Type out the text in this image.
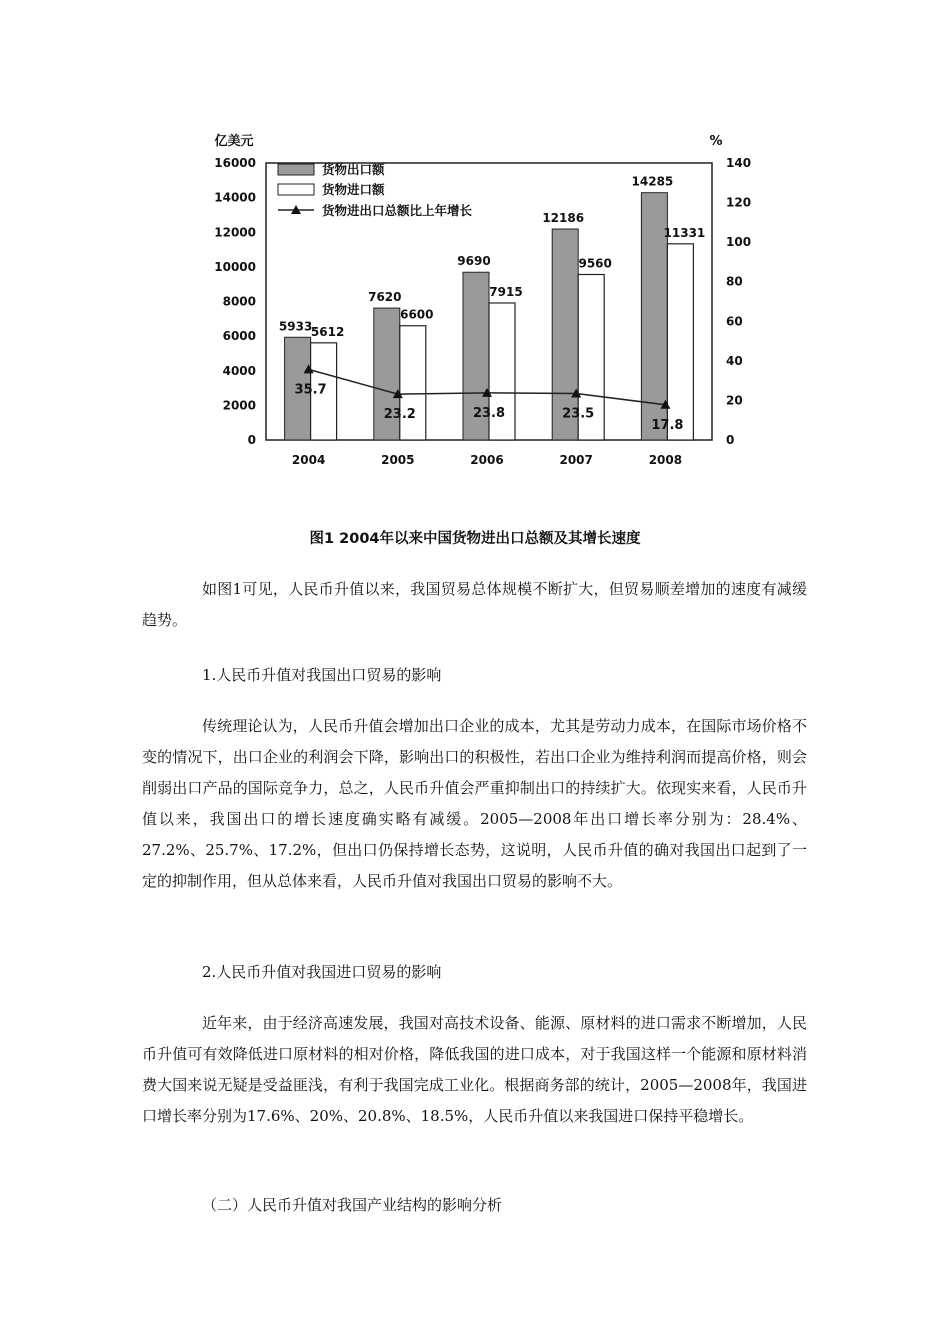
0
2000
4000
6000
8000
10000
12000
14000
16000
0
20
40
60
80
100
120
140
亿美元	%
2004	2005	2006	2007	2008
5933
5612
7620
6600
9690
7915
12186
9560
14285
11331
35.7
23.2	23.8	23.5
17.8
货物出口额
货物进口额
货物进出口总额比上年增长
图1 2004年以来中国货物进出口总额及其增长速度

如图1可见，人民币升值以来，我国贸易总体规模不断扩大，但贸易顺差增加的速度有减缓趋势。

1.人民币升值对我国出口贸易的影响

传统理论认为，人民币升值会增加出口企业的成本，尤其是劳动力成本，在国际市场价格不变的情况下，出口企业的利润会下降，影响出口的积极性，若出口企业为维持利润而提高价格，则会削弱出口产品的国际竞争力，总之，人民币升值会严重抑制出口的持续扩大。依现实来看，人民币升值以来，我国出口的增长速度确实略有减缓。2005—2008年出口增长率分别为：28.4%、27.2%、25.7%、17.2%，但出口仍保持增长态势，这说明，人民币升值的确对我国出口起到了一定的抑制作用，但从总体来看，人民币升值对我国出口贸易的影响不大。

2.人民币升值对我国进口贸易的影响

近年来，由于经济高速发展，我国对高技术设备、能源、原材料的进口需求不断增加，人民币升值可有效降低进口原材料的相对价格，降低我国的进口成本，对于我国这样一个能源和原材料消费大国来说无疑是受益匪浅，有利于我国完成工业化。根据商务部的统计，2005—2008年，我国进口增长率分别为17.6%、20%、20.8%、18.5%，人民币升值以来我国进口保持平稳增长。

（二）人民币升值对我国产业结构的影响分析
